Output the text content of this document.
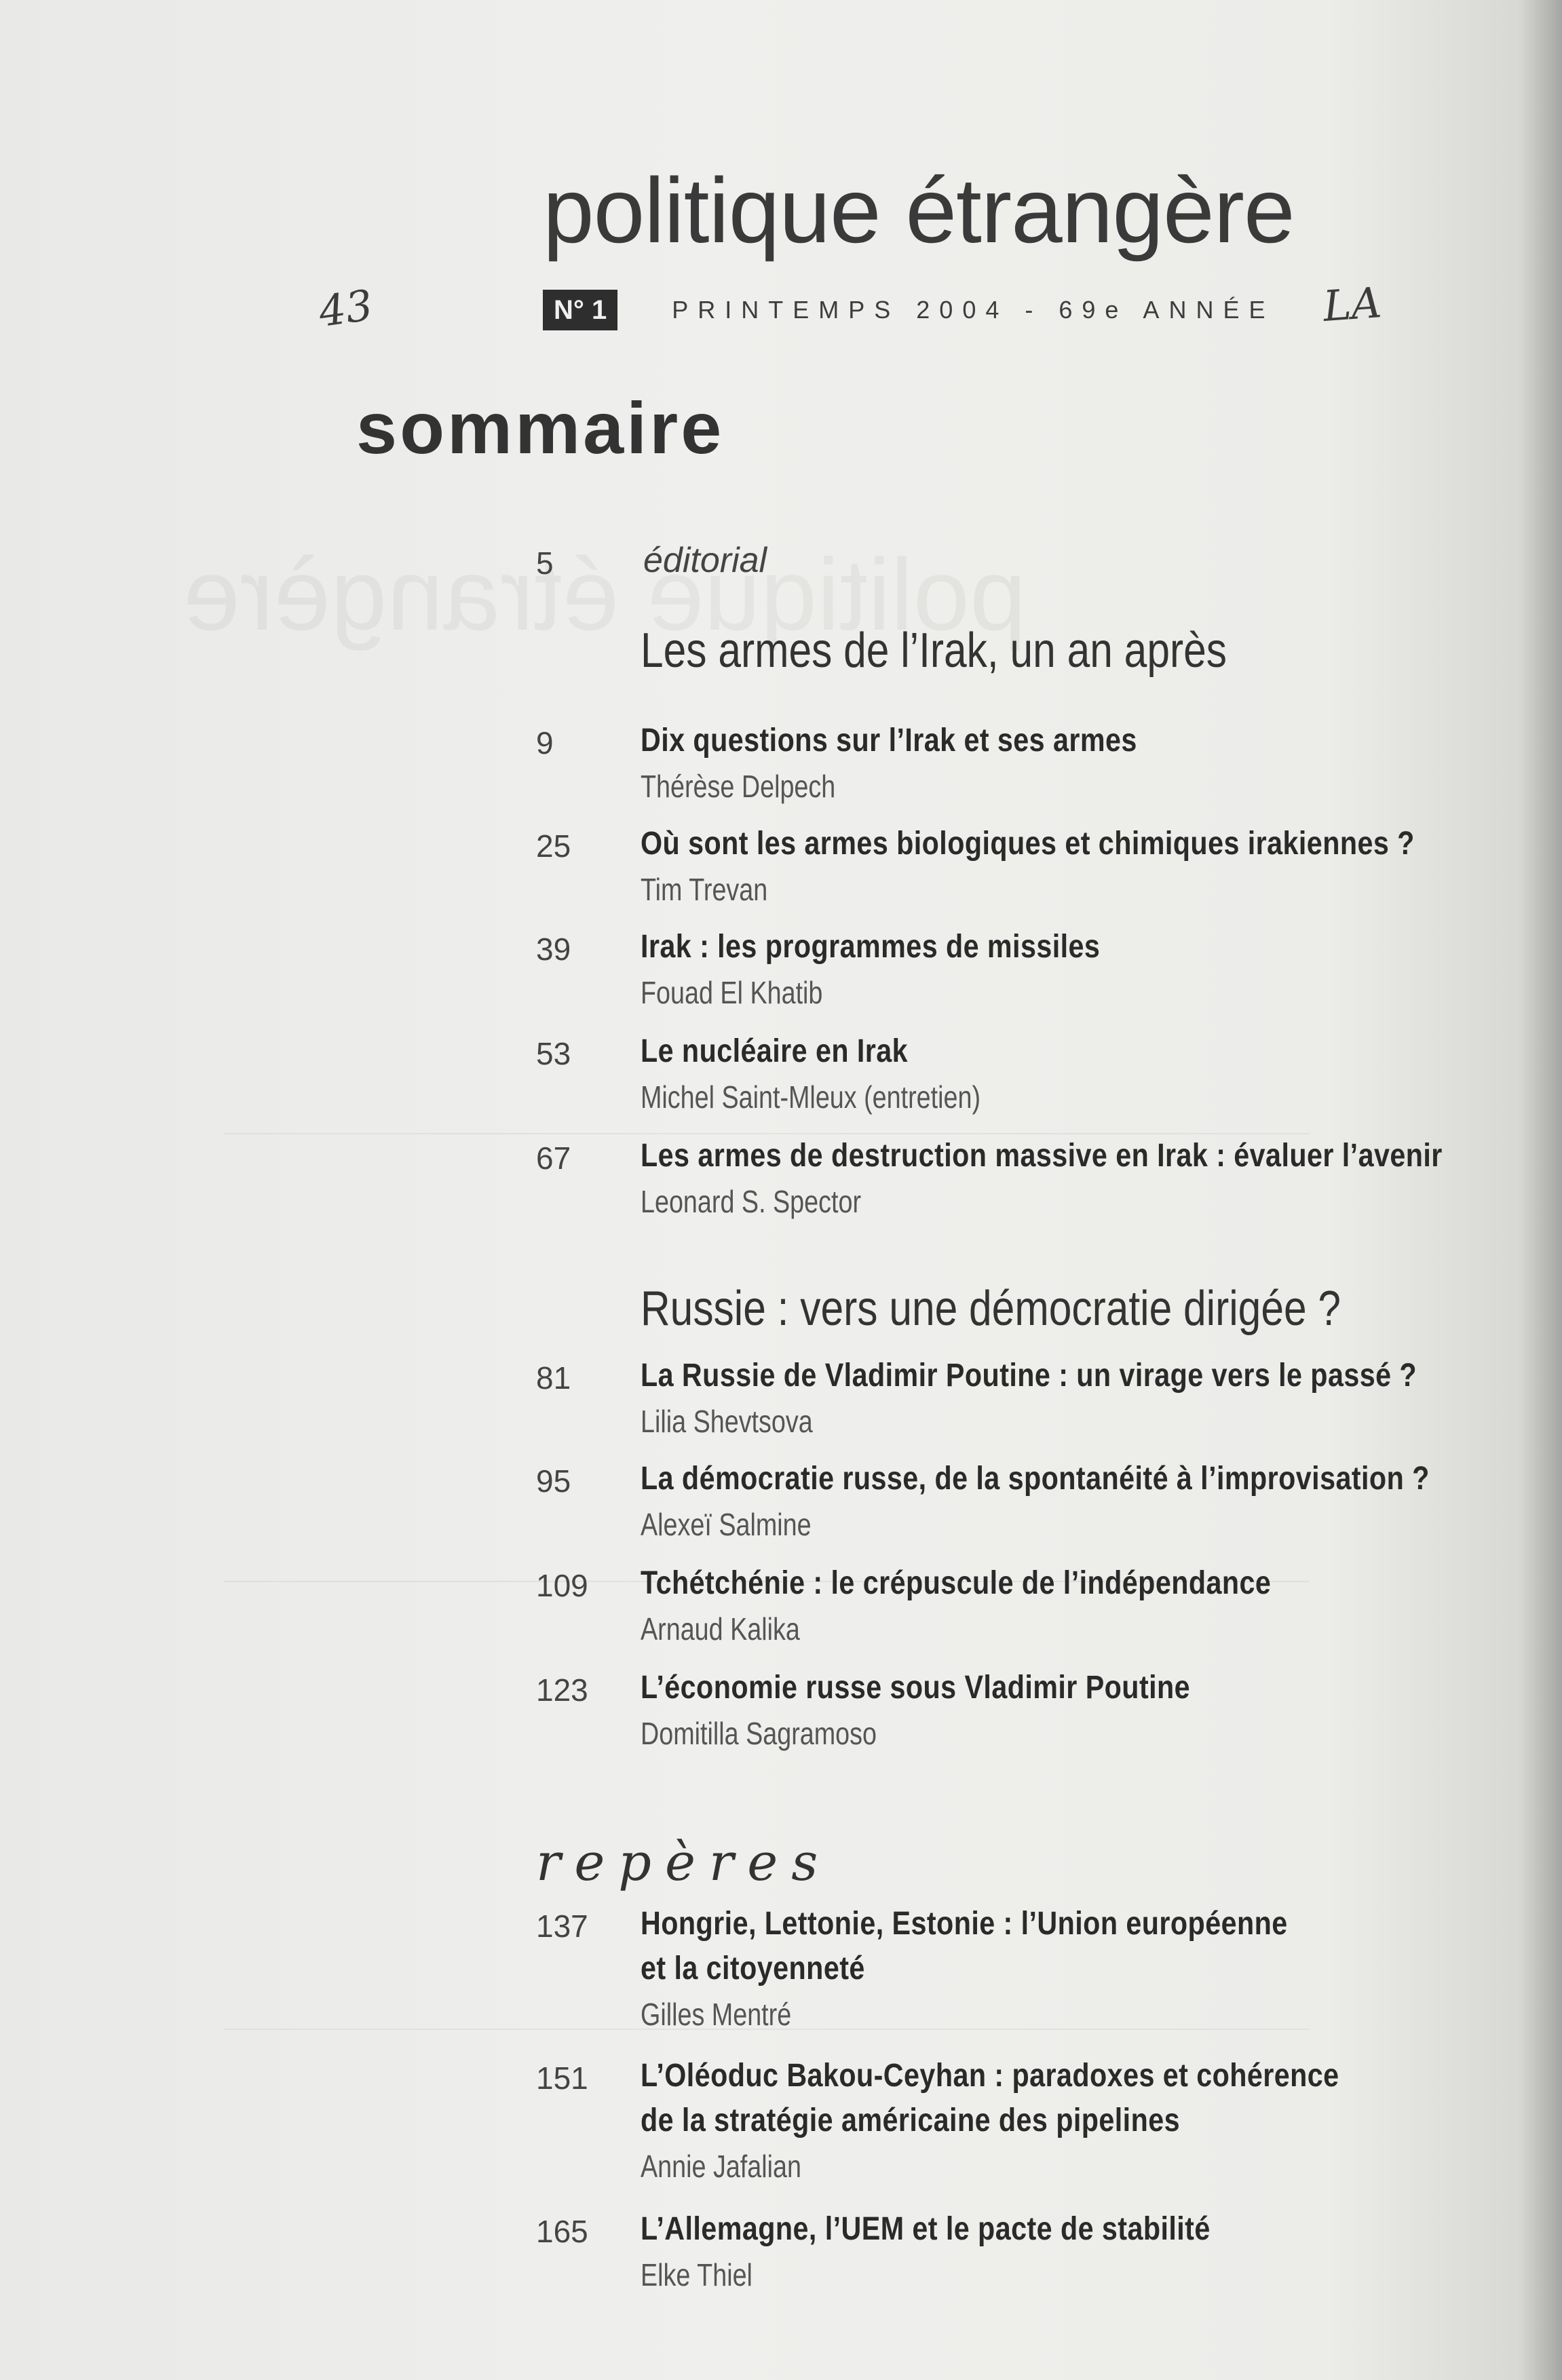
politique étrangère
N° 1	PRINTEMPS 2004 - 69e ANNÉE
43	LA
sommaire
5	éditorial
Les armes de l’Irak, un an après
9	Dix questions sur l’Irak et ses armes
Thérèse Delpech
25	Où sont les armes biologiques et chimiques irakiennes ?
Tim Trevan
39	Irak : les programmes de missiles
Fouad El Khatib
53	Le nucléaire en Irak
Michel Saint-Mleux (entretien)
67	Les armes de destruction massive en Irak : évaluer l’avenir
Leonard S. Spector
Russie : vers une démocratie dirigée ?
81	La Russie de Vladimir Poutine : un virage vers le passé ?
Lilia Shevtsova
95	La démocratie russe, de la spontanéité à l’improvisation ?
Alexeï Salmine
109	Tchétchénie : le crépuscule de l’indépendance
Arnaud Kalika
123	L’économie russe sous Vladimir Poutine
Domitilla Sagramoso
repères
137	Hongrie, Lettonie, Estonie : l’Union européenne
et la citoyenneté
Gilles Mentré
151	L’Oléoduc Bakou-Ceyhan : paradoxes et cohérence
de la stratégie américaine des pipelines
Annie Jafalian
165	L’Allemagne, l’UEM et le pacte de stabilité
Elke Thiel
